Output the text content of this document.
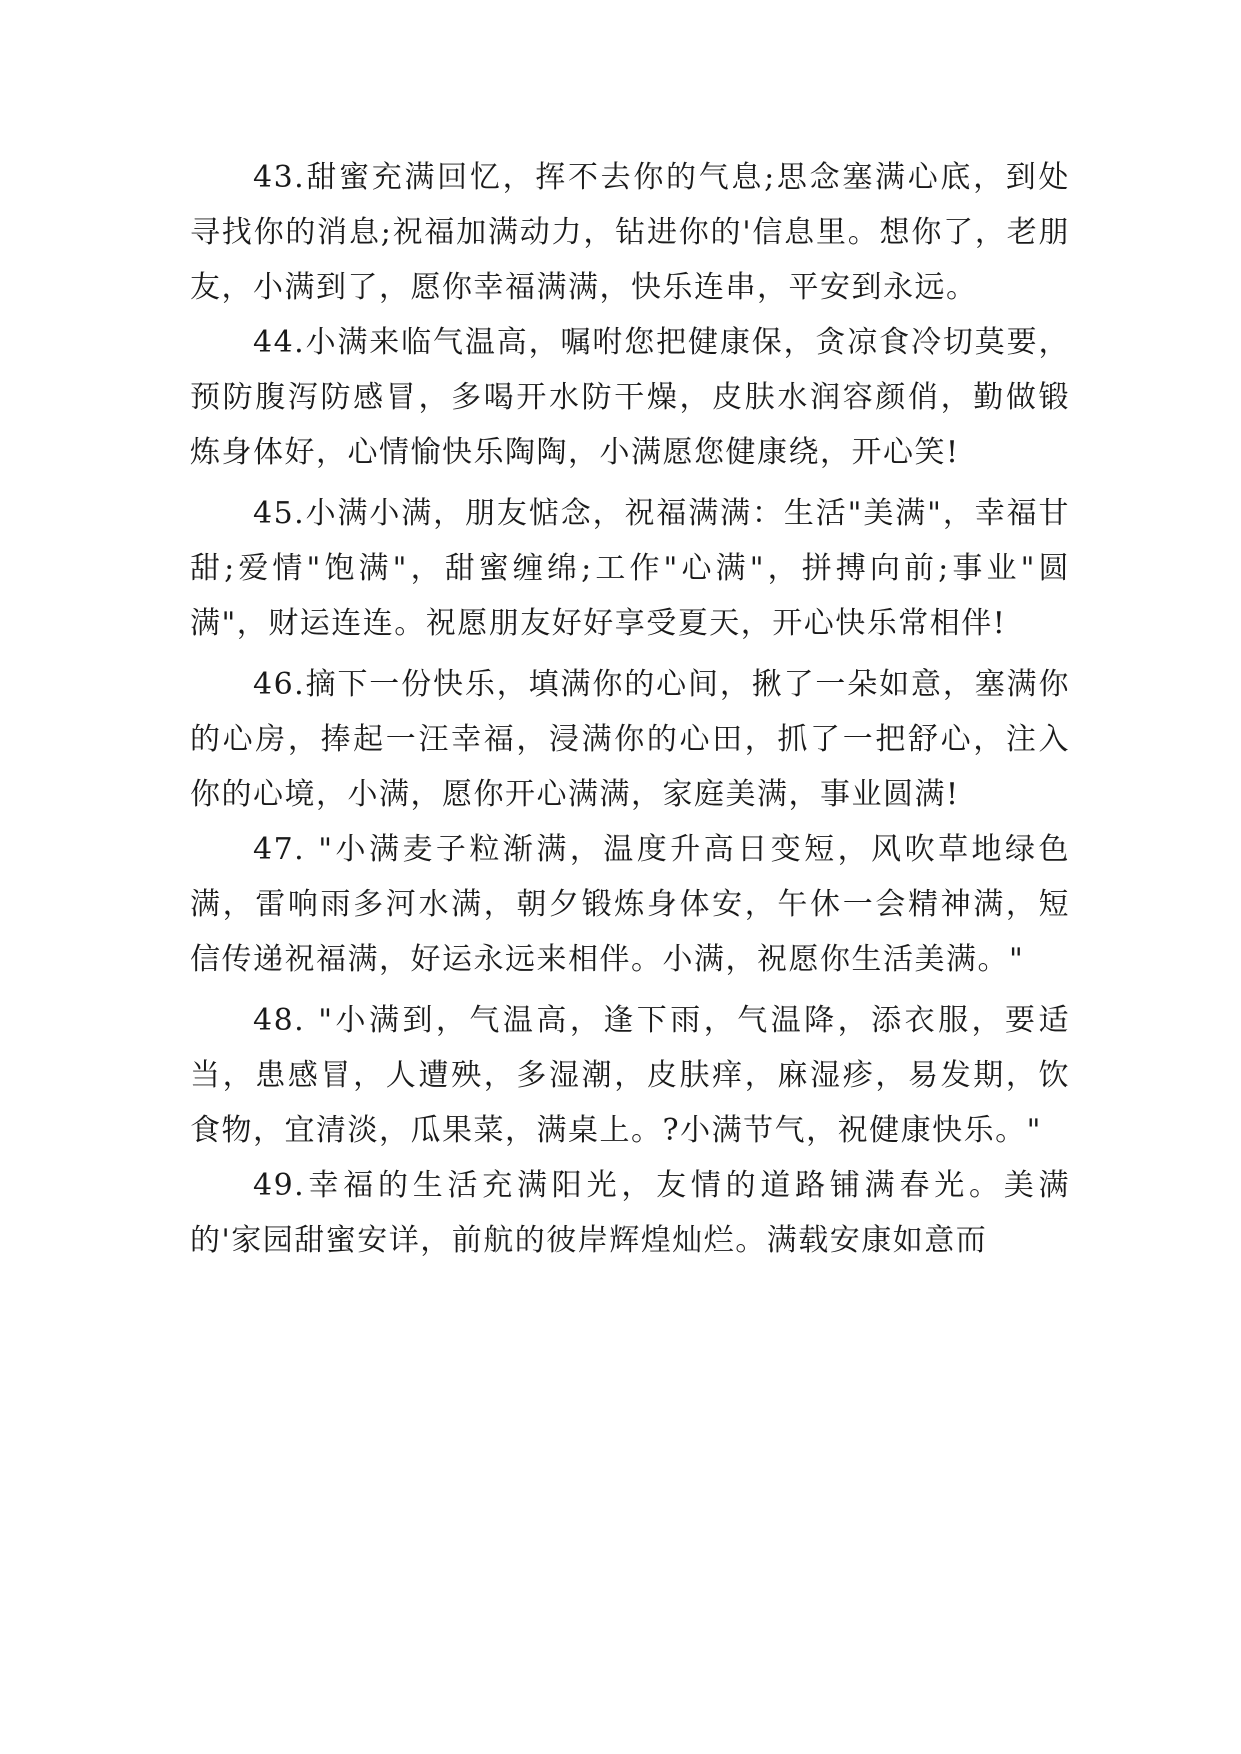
43.甜蜜充满回忆，挥不去你的气息;思念塞满心底，到处寻找你的消息;祝福加满动力，钻进你的'信息里。想你了，老朋友，小满到了，愿你幸福满满，快乐连串，平安到永远。

44.小满来临气温高，嘱咐您把健康保，贪凉食冷切莫要，预防腹泻防感冒，多喝开水防干燥，皮肤水润容颜俏，勤做锻炼身体好，心情愉快乐陶陶，小满愿您健康绕，开心笑!

45.小满小满，朋友惦念，祝福满满：生活"美满"，幸福甘甜;爱情"饱满"，甜蜜缠绵;工作"心满"，拼搏向前;事业"圆满"，财运连连。祝愿朋友好好享受夏天，开心快乐常相伴!

46.摘下一份快乐，填满你的心间，揪了一朵如意，塞满你的心房，捧起一汪幸福，浸满你的心田，抓了一把舒心，注入你的心境，小满，愿你开心满满，家庭美满，事业圆满!

47. "小满麦子粒渐满，温度升高日变短，风吹草地绿色满，雷响雨多河水满，朝夕锻炼身体安，午休一会精神满，短信传递祝福满，好运永远来相伴。小满，祝愿你生活美满。"

48. "小满到，气温高，逢下雨，气温降，添衣服，要适当，患感冒，人遭殃，多湿潮，皮肤痒，麻湿疹，易发期，饮食物，宜清淡，瓜果菜，满桌上。?小满节气，祝健康快乐。"

49.幸福的生活充满阳光，友情的道路铺满春光。美满的'家园甜蜜安详，前航的彼岸辉煌灿烂。满载安康如意而
